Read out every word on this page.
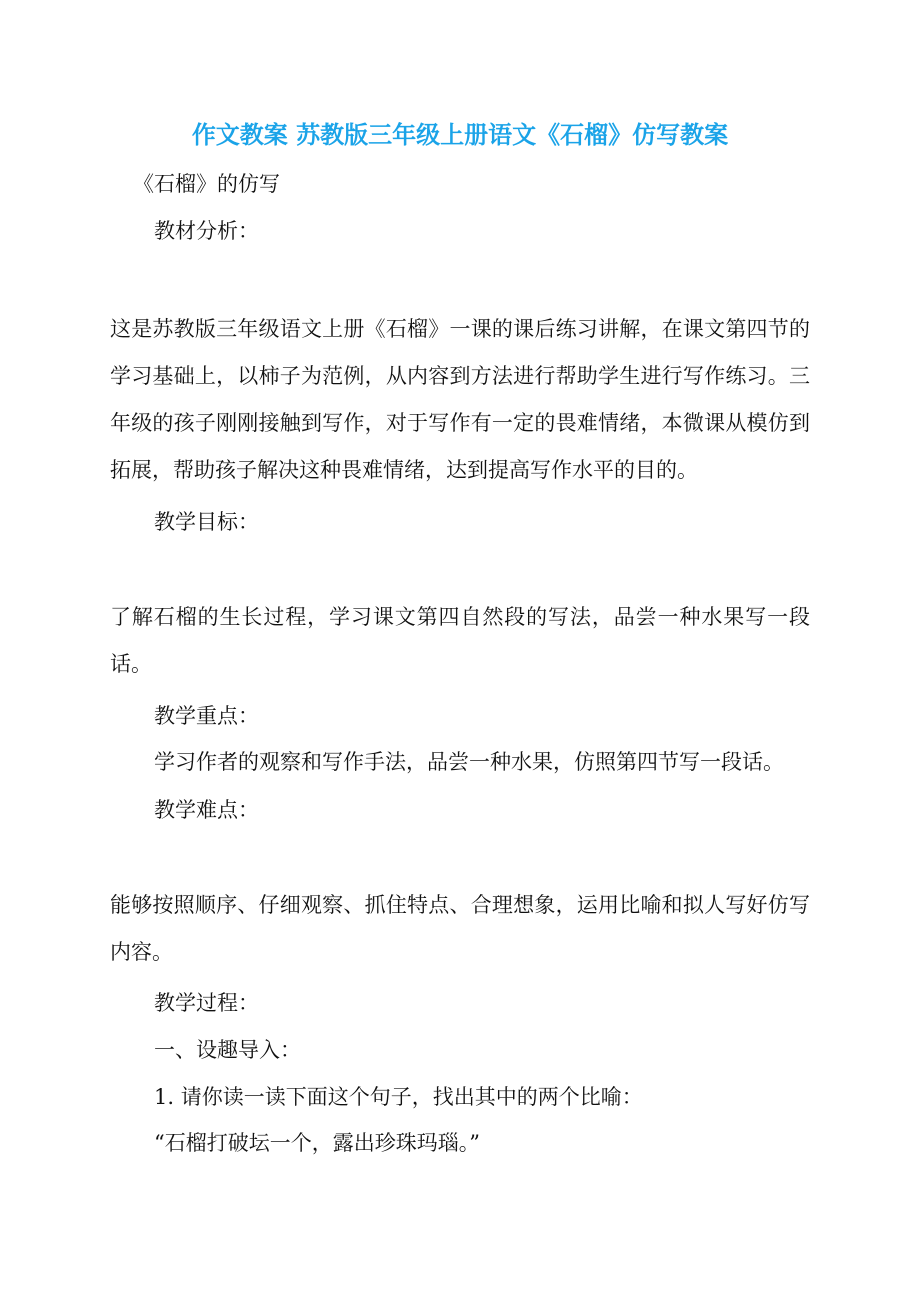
作文教案 苏教版三年级上册语文《石榴》仿写教案
《石榴》的仿写
教材分析：
这是苏教版三年级语文上册《石榴》一课的课后练习讲解，在课文第四节的学习基础上，以柿子为范例，从内容到方法进行帮助学生进行写作练习。三年级的孩子刚刚接触到写作，对于写作有一定的畏难情绪，本微课从模仿到拓展，帮助孩子解决这种畏难情绪，达到提高写作水平的目的。
教学目标：
了解石榴的生长过程，学习课文第四自然段的写法，品尝一种水果写一段话。
教学重点：
学习作者的观察和写作手法，品尝一种水果，仿照第四节写一段话。
教学难点：
能够按照顺序、仔细观察、抓住特点、合理想象，运用比喻和拟人写好仿写内容。
教学过程：
一、设趣导入：
1. 请你读一读下面这个句子，找出其中的两个比喻：
“石榴打破坛一个，露出珍珠玛瑙。”
